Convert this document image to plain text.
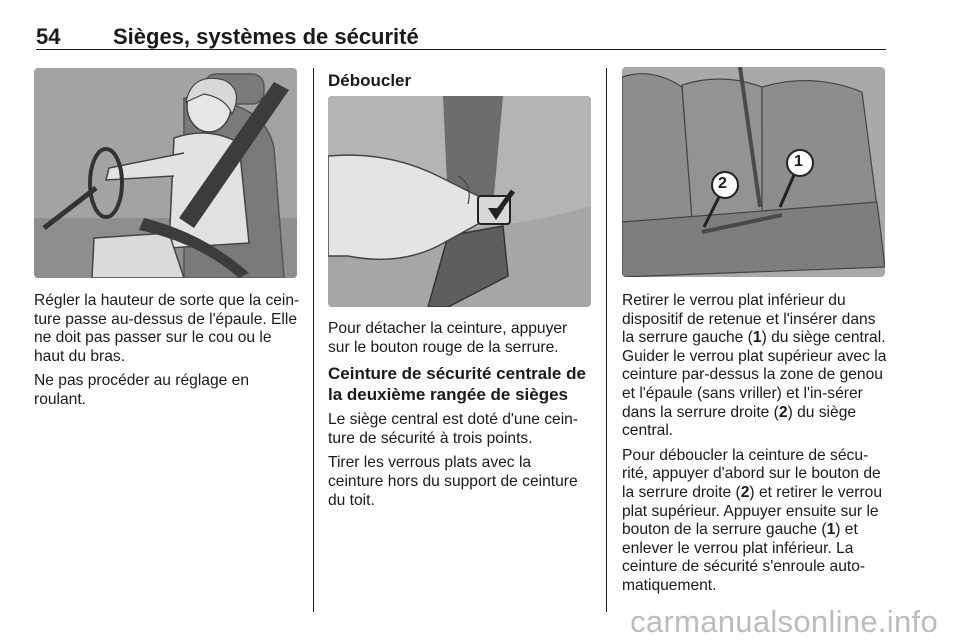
54 Sièges, systèmes de sécurité

Régler la hauteur de sorte que la cein-ture passe au-dessus de l'épaule. Elle ne doit pas passer sur le cou ou le haut du bras.

Ne pas procéder au réglage en roulant.

Déboucler

Pour détacher la ceinture, appuyer sur le bouton rouge de la serrure.

Ceinture de sécurité centrale de la deuxième rangée de sièges

Le siège central est doté d'une cein-ture de sécurité à trois points.

Tirer les verrous plats avec la ceinture hors du support de ceinture du toit.

2
1

Retirer le verrou plat inférieur du dispositif de retenue et l'insérer dans la serrure gauche (1) du siège central. Guider le verrou plat supérieur avec la ceinture par-dessus la zone de genou et l'épaule (sans vriller) et l'in-sérer dans la serrure droite (2) du siège central.

Pour déboucler la ceinture de sécu-rité, appuyer d'abord sur le bouton de la serrure droite (2) et retirer le verrou plat supérieur. Appuyer ensuite sur le bouton de la serrure gauche (1) et enlever le verrou plat inférieur. La ceinture de sécurité s'enroule auto-matiquement.

carmanualsonline.info
